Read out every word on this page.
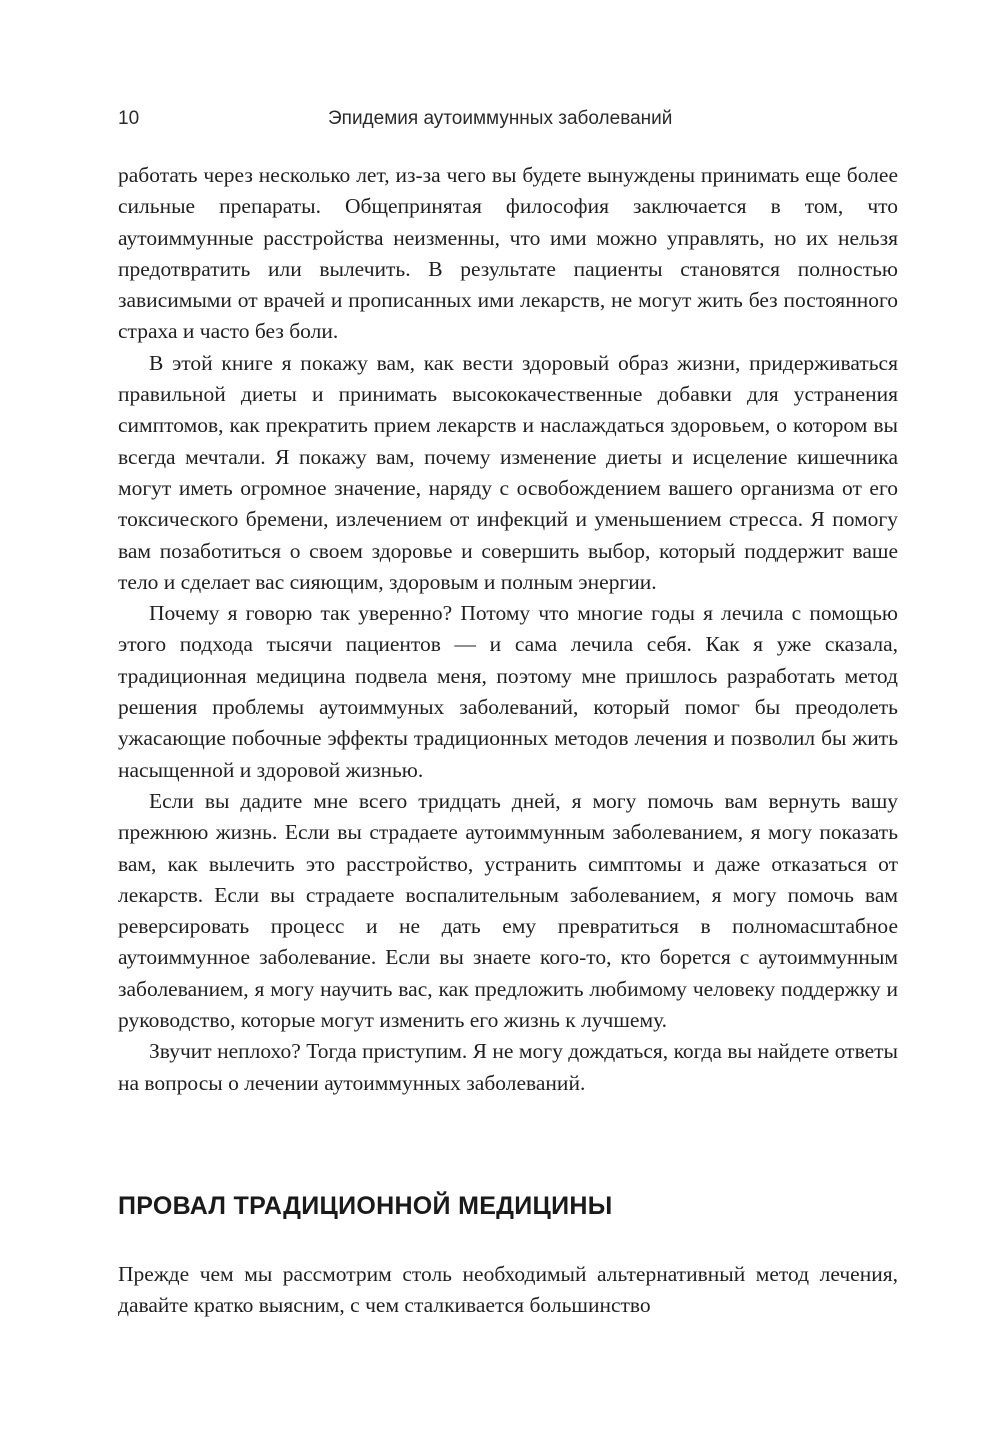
10	Эпидемия аутоиммунных заболеваний

работать через несколько лет, из-за чего вы будете вынуждены принимать еще более сильные препараты. Общепринятая философия заключается в том, что аутоиммунные расстройства неизменны, что ими можно управлять, но их нельзя предотвратить или вылечить. В результате пациенты становятся полностью зависимыми от врачей и прописанных ими лекарств, не могут жить без постоянного страха и часто без боли.

В этой книге я покажу вам, как вести здоровый образ жизни, придерживаться правильной диеты и принимать высококачественные добавки для устранения симптомов, как прекратить прием лекарств и наслаждаться здоровьем, о котором вы всегда мечтали. Я покажу вам, почему изменение диеты и исцеление кишечника могут иметь огромное значение, наряду с освобождением вашего организма от его токсического бремени, излечением от инфекций и уменьшением стресса. Я помогу вам позаботиться о своем здоровье и совершить выбор, который поддержит ваше тело и сделает вас сияющим, здоровым и полным энергии.

Почему я говорю так уверенно? Потому что многие годы я лечила с помощью этого подхода тысячи пациентов — и сама лечила себя. Как я уже сказала, традиционная медицина подвела меня, поэтому мне пришлось разработать метод решения проблемы аутоиммуных заболеваний, который помог бы преодолеть ужасающие побочные эффекты традиционных методов лечения и позволил бы жить насыщенной и здоровой жизнью.

Если вы дадите мне всего тридцать дней, я могу помочь вам вернуть вашу прежнюю жизнь. Если вы страдаете аутоиммунным заболеванием, я могу показать вам, как вылечить это расстройство, устранить симптомы и даже отказаться от лекарств. Если вы страдаете воспалительным заболеванием, я могу помочь вам реверсировать процесс и не дать ему превратиться в полномасштабное аутоиммунное заболевание. Если вы знаете кого-то, кто борется с аутоиммунным заболеванием, я могу научить вас, как предложить любимому человеку поддержку и руководство, которые могут изменить его жизнь к лучшему.

Звучит неплохо? Тогда приступим. Я не могу дождаться, когда вы найдете ответы на вопросы о лечении аутоиммунных заболеваний.

ПРОВАЛ ТРАДИЦИОННОЙ МЕДИЦИНЫ

Прежде чем мы рассмотрим столь необходимый альтернативный метод лечения, давайте кратко выясним, с чем сталкивается большинство
